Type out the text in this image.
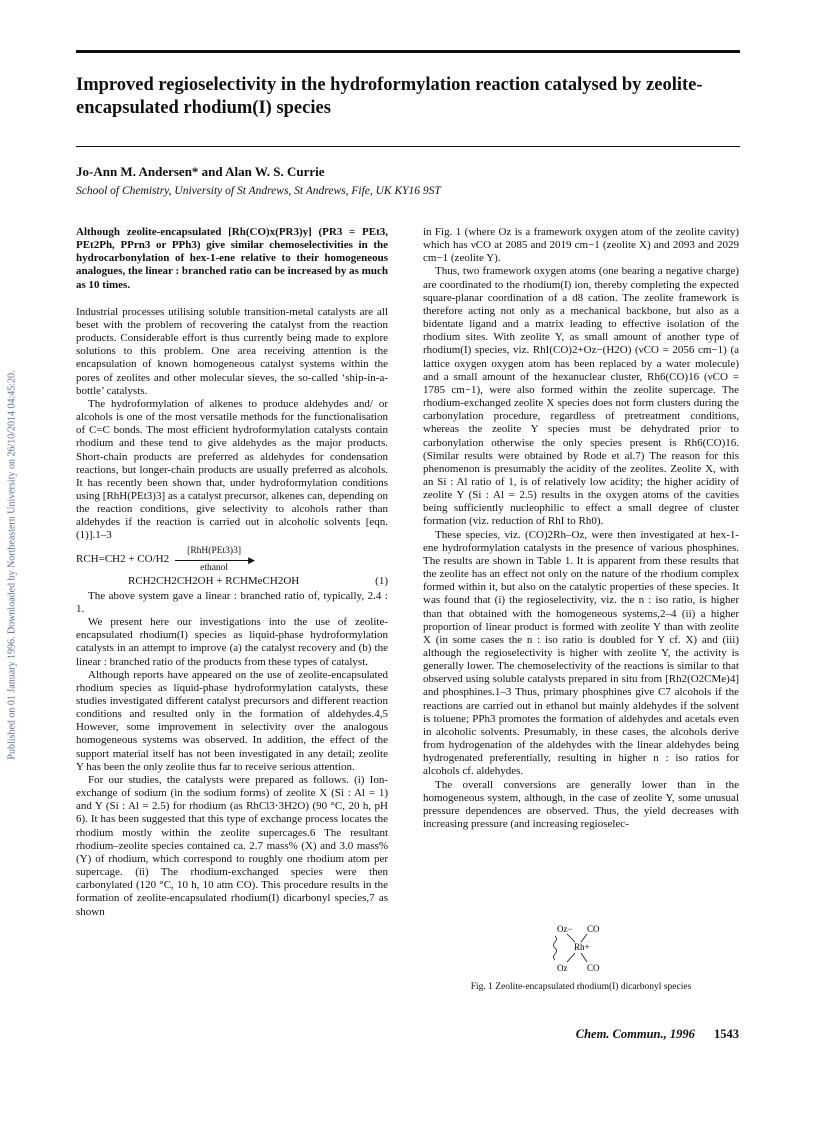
Published on 01 January 1996. Downloaded by Northeastern University on 26/10/2014 04:45:20.
Improved regioselectivity in the hydroformylation reaction catalysed by zeolite-encapsulated rhodium(I) species

Jo-Ann M. Andersen* and Alan W. S. Currie

School of Chemistry, University of St Andrews, St Andrews, Fife, UK KY16 9ST

Although zeolite-encapsulated [Rh(CO)x(PR3)y] (PR3 = PEt3, PEt2Ph, PPrn3 or PPh3) give similar chemoselectivities in the hydrocarbonylation of hex-1-ene relative to their homogeneous analogues, the linear : branched ratio can be increased by as much as 10 times.

Industrial processes utilising soluble transition-metal catalysts are all beset with the problem of recovering the catalyst from the reaction products. Considerable effort is thus currently being made to explore solutions to this problem. One area receiving attention is the encapsulation of known homogeneous catalyst systems within the pores of zeolites and other molecular sieves, the so-called ‘ship-in-a-bottle’ catalysts.

The hydroformylation of alkenes to produce aldehydes and/ or alcohols is one of the most versatile methods for the functionalisation of C=C bonds. The most efficient hydroformylation catalysts contain rhodium and these tend to give aldehydes as the major products. Short-chain products are preferred as aldehydes for condensation reactions, but longer-chain products are usually preferred as alcohols. It has recently been shown that, under hydroformylation conditions using [RhH(PEt3)3] as a catalyst precursor, alkenes can, depending on the reaction conditions, give selectivity to alcohols rather than aldehydes if the reaction is carried out in alcoholic solvents [eqn. (1)].1–3

RCH=CH2 + CO/H2
[RhH(PEt3)3]
▶
ethanol
RCH2CH2CH2OH + RCHMeCH2OH	(1)

The above system gave a linear : branched ratio of, typically, 2.4 : 1.

We present here our investigations into the use of zeolite-encapsulated rhodium(I) species as liquid-phase hydroformylation catalysts in an attempt to improve (a) the catalyst recovery and (b) the linear : branched ratio of the products from these types of catalyst.

Although reports have appeared on the use of zeolite-encapsulated rhodium species as liquid-phase hydroformylation catalysts, these studies investigated different catalyst precursors and different reaction conditions and resulted only in the formation of aldehydes.4,5 However, some improvement in selectivity over the analogous homogeneous systems was observed. In addition, the effect of the support material itself has not been investigated in any detail; zeolite Y has been the only zeolite thus far to receive serious attention.

For our studies, the catalysts were prepared as follows. (i) Ion-exchange of sodium (in the sodium forms) of zeolite X (Si : Al = 1) and Y (Si : Al = 2.5) for rhodium (as RhCl3·3H2O) (90 °C, 20 h, pH 6). It has been suggested that this type of exchange process locates the rhodium mostly within the zeolite supercages.6 The resultant rhodium–zeolite species contained ca. 2.7 mass% (X) and 3.0 mass% (Y) of rhodium, which correspond to roughly one rhodium atom per supercage. (ii) The rhodium-exchanged species were then carbonylated (120 °C, 10 h, 10 atm CO). This procedure results in the formation of zeolite-encapsulated rhodium(I) dicarbonyl species,7 as shown

in Fig. 1 (where Oz is a framework oxygen atom of the zeolite cavity) which has νCO at 2085 and 2019 cm−1 (zeolite X) and 2093 and 2029 cm−1 (zeolite Y).

Thus, two framework oxygen atoms (one bearing a negative charge) are coordinated to the rhodium(I) ion, thereby completing the expected square-planar coordination of a d8 cation. The zeolite framework is therefore acting not only as a mechanical backbone, but also as a bidentate ligand and a matrix leading to effective isolation of the rhodium sites. With zeolite Y, as small amount of another type of rhodium(I) species, viz. RhI(CO)2+Oz−(H2O) (νCO = 2056 cm−1) (a lattice oxygen oxygen atom has been replaced by a water molecule) and a small amount of the hexanuclear cluster, Rh6(CO)16 (νCO = 1785 cm−1), were also formed within the zeolite supercage. The rhodium-exchanged zeolite X species does not form clusters during the carbonylation procedure, regardless of pretreatment conditions, whereas the zeolite Y species must be dehydrated prior to carbonylation otherwise the only species present is Rh6(CO)16. (Similar results were obtained by Rode et al.7) The reason for this phenomenon is presumably the acidity of the zeolites. Zeolite X, with an Si : Al ratio of 1, is of relatively low acidity; the higher acidity of zeolite Y (Si : Al = 2.5) results in the oxygen atoms of the cavities being sufficiently nucleophilic to effect a small degree of cluster formation (viz. reduction of RhI to Rh0).

These species, viz. (CO)2Rh–Oz, were then investigated at hex-1-ene hydroformylation catalysts in the presence of various phosphines. The results are shown in Table 1. It is apparent from these results that the zeolite has an effect not only on the nature of the rhodium complex formed within it, but also on the catalytic properties of these species. It was found that (i) the regioselectivity, viz. the n : iso ratio, is higher than that obtained with the homogeneous systems,2–4 (ii) a higher proportion of linear product is formed with zeolite Y than with zeolite X (in some cases the n : iso ratio is doubled for Y cf. X) and (iii) although the regioselectivity is higher with zeolite Y, the activity is generally lower. The chemoselectivity of the reactions is similar to that observed using soluble catalysts prepared in situ from [Rh2(O2CMe)4] and phosphines.1–3 Thus, primary phosphines give C7 alcohols if the reactions are carried out in ethanol but mainly aldehydes if the solvent is toluene; PPh3 promotes the formation of aldehydes and acetals even in alcoholic solvents. Presumably, in these cases, the alcohols derive from hydrogenation of the aldehydes with the linear aldehydes being hydrogenated preferentially, resulting in higher n : iso ratios for alcohols cf. aldehydes.

The overall conversions are generally lower than in the homogeneous system, although, in the case of zeolite Y, some unusual pressure dependences are observed. Thus, the yield decreases with increasing pressure (and increasing regioselec-

Oz− CO
Rh+
Oz CO
Fig. 1 Zeolite-encapsulated rhodium(I) dicarbonyl species
Chem. Commun., 1996 1543
